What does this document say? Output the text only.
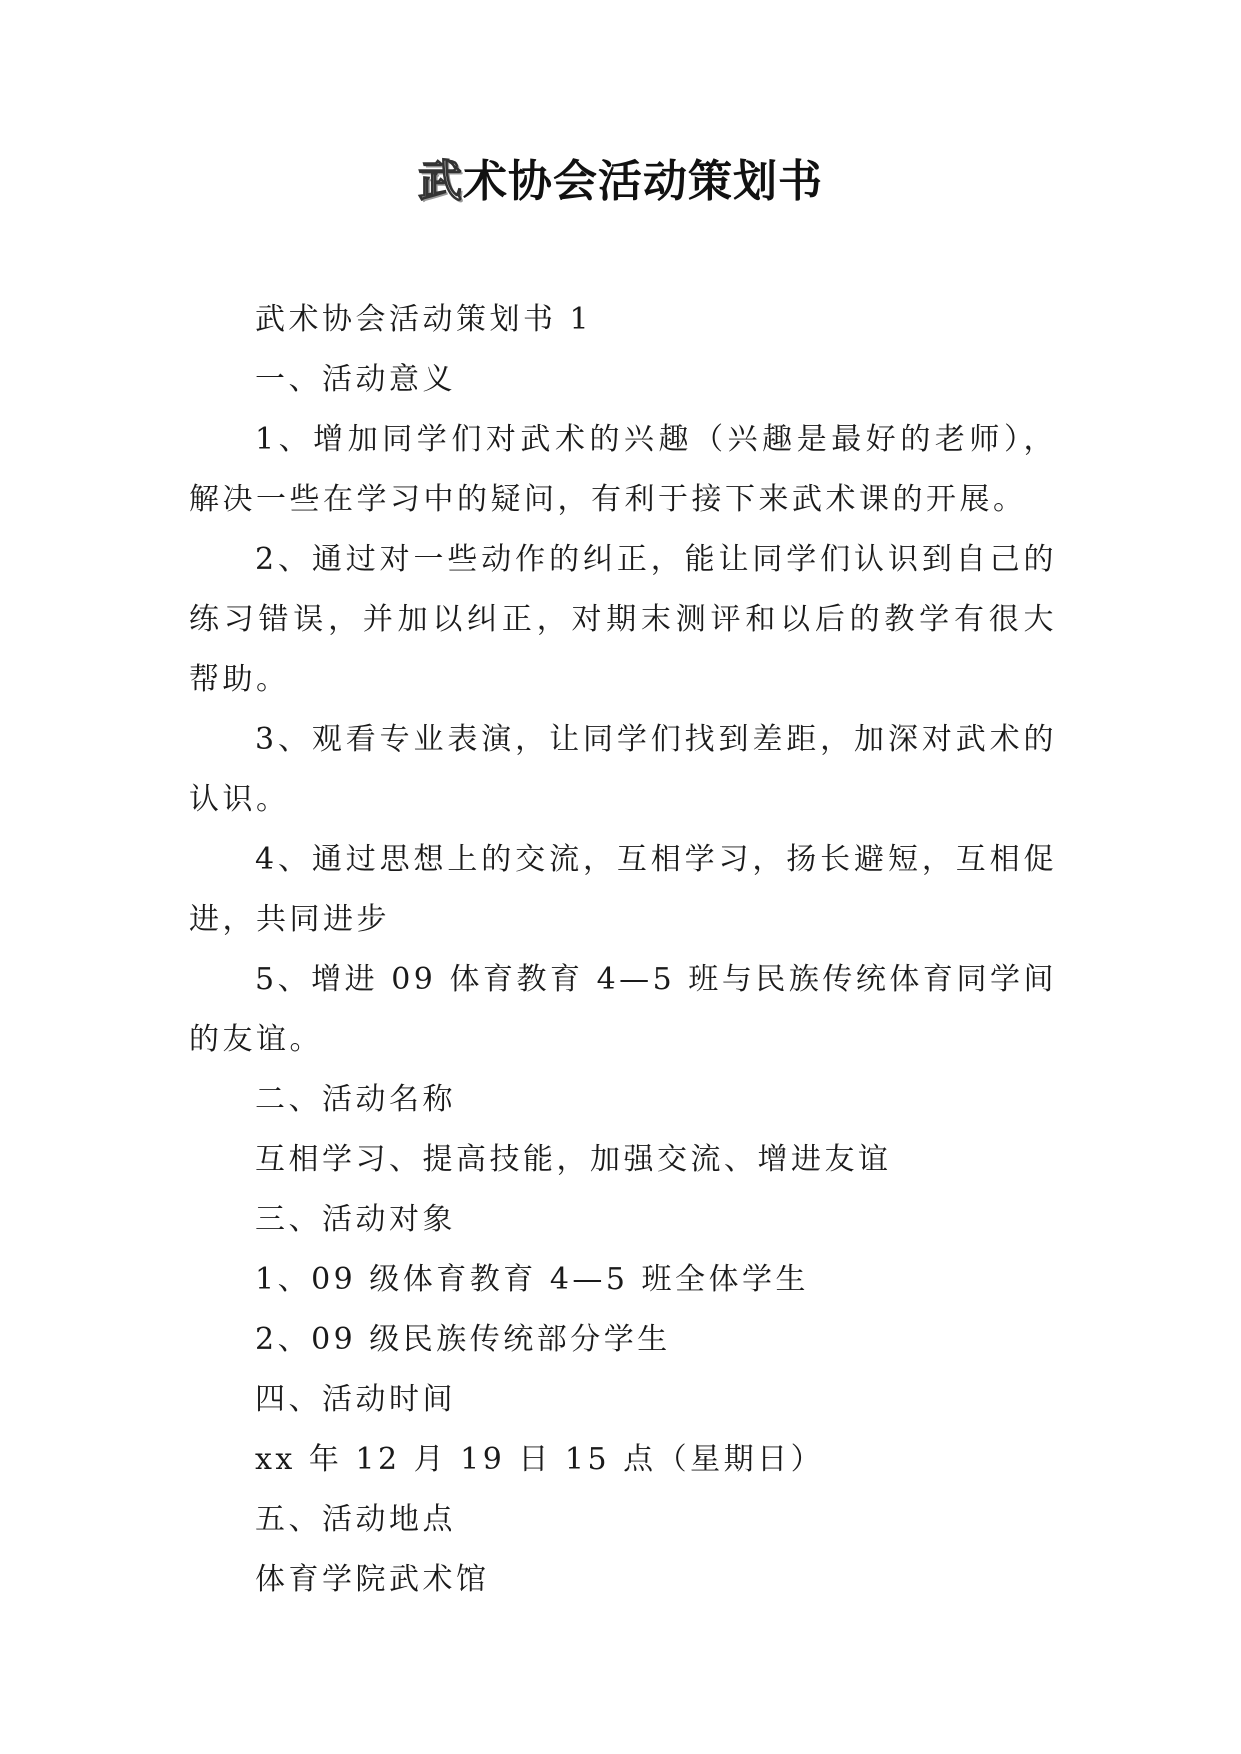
武术协会活动策划书

武术协会活动策划书 1

一、活动意义

1、增加同学们对武术的兴趣（兴趣是最好的老师），解决一些在学习中的疑问，有利于接下来武术课的开展。

2、通过对一些动作的纠正，能让同学们认识到自己的练习错误，并加以纠正，对期末测评和以后的教学有很大帮助。

3、观看专业表演，让同学们找到差距，加深对武术的认识。

4、通过思想上的交流，互相学习，扬长避短，互相促进，共同进步

5、增进 09 体育教育 4—5 班与民族传统体育同学间的友谊。

二、活动名称

互相学习、提高技能，加强交流、增进友谊

三、活动对象

1、09 级体育教育 4—5 班全体学生

2、09 级民族传统部分学生

四、活动时间

xx 年 12 月 19 日 15 点（星期日）

五、活动地点

体育学院武术馆
